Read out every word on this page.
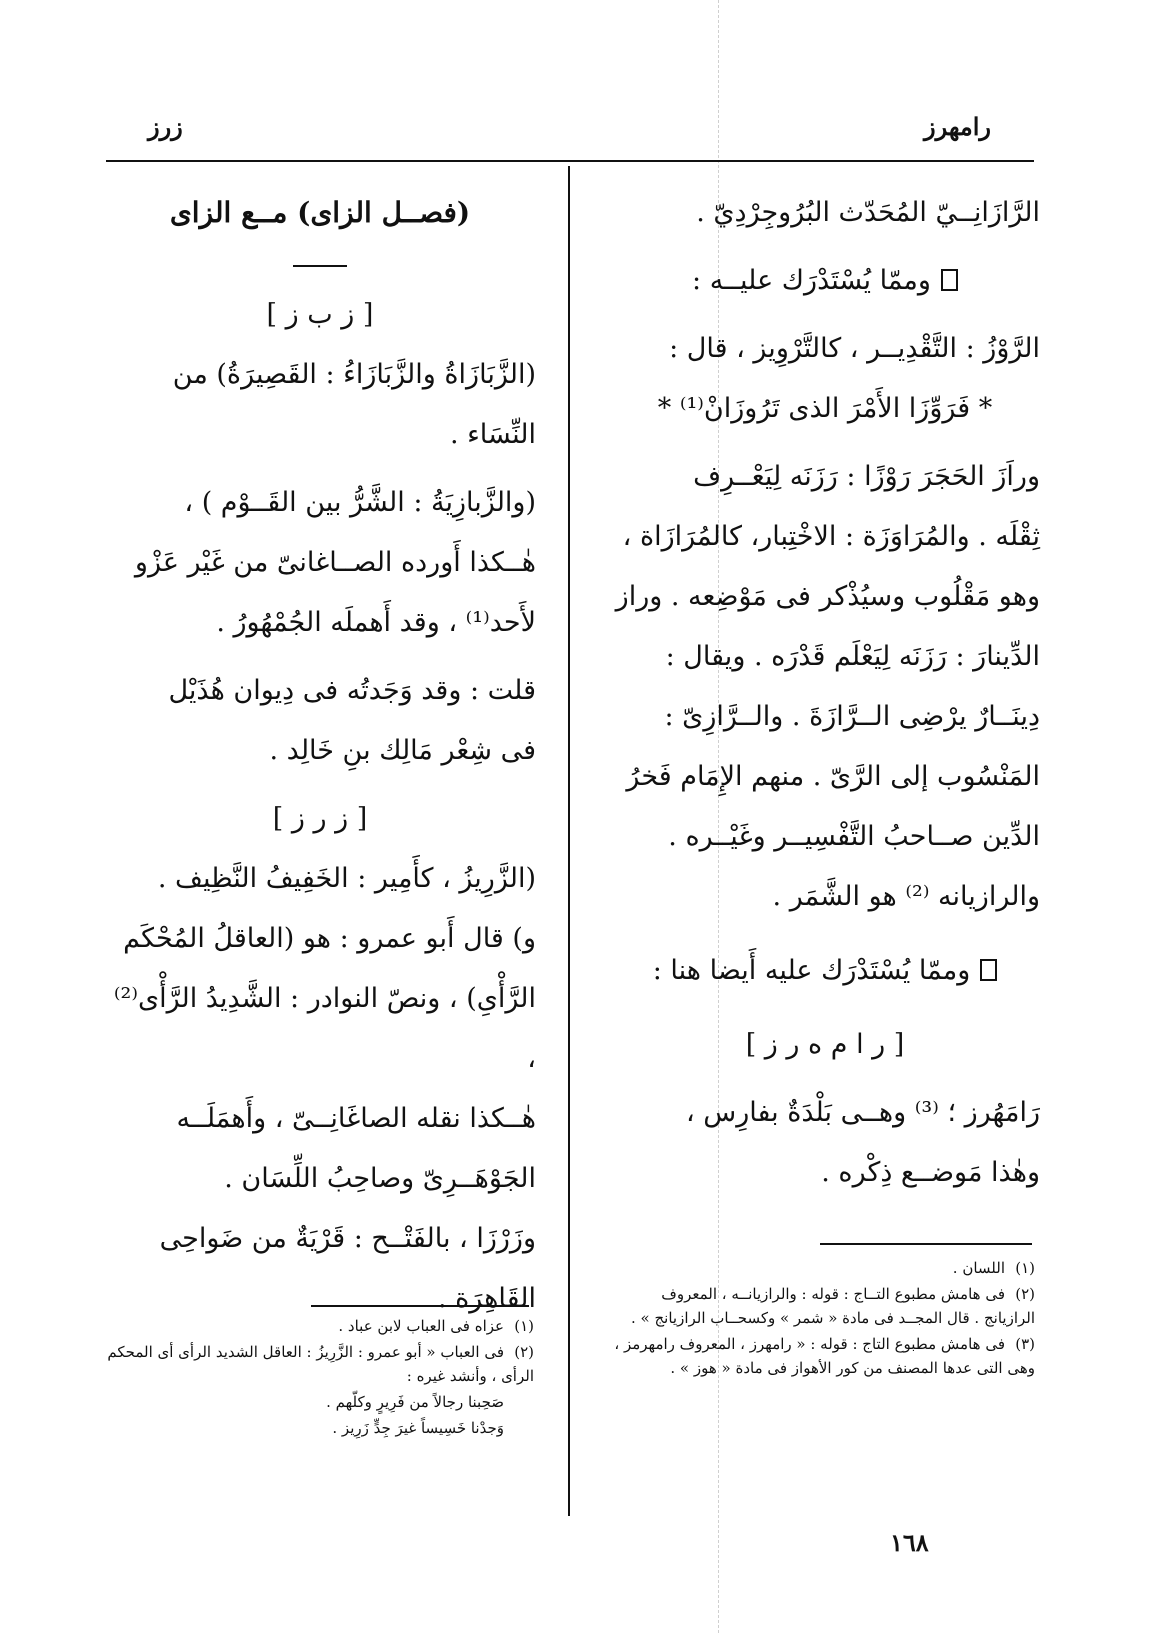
رامهرز
زرز

الرَّازَانِــيّ المُحَدّث البُرُوجِرْدِيّ .

وممّا يُسْتَدْرَك عليــه :

الرَّوْزُ : التَّقْدِيــر ، كالتَّرْوِيز ، قال :

* فَرَوِّزَا الأَمْرَ الذى تَرُوزَانْ⁽¹⁾ *

وراَزَ الحَجَرَ رَوْزًا : رَزَنَه لِيَعْــرِف

ثِقْلَه . والمُرَاوَزَة : الاخْتِبار، كالمُرَازَاة ،

وهو مَقْلُوب وسيُذْكر فى مَوْضِعه . وراز

الدِّينارَ : رَزَنَه لِيَعْلَم قَدْرَه . ويقال :

دِينَــارٌ يرْضِى الــرَّازَةَ . والــرَّازِىّ :

المَنْسُوب إلى الرَّىّ . منهم الإِمَام فَخرُ

الدِّين صــاحبُ التَّفْسِيــر وغَيْــره .

والرازيانه ⁽²⁾ هو الشَّمَر .

وممّا يُسْتَدْرَك عليه أَيضا هنا :

[ ر ا م ه ر ز ]

رَامَهُرز ؛ ⁽³⁾ وهــى بَلْدَةٌ بفارِس ،

وهٰذا مَوضــع ذِكْره .

(فصــل الزاى) مــع الزاى

[ ز ب ز ]

(الزَّبَازَاةُ والزَّبَازَاءُ : القَصِيرَةُ) من

النِّسَاء .

(والزَّبازِيَةُ : الشَّرُّ بين القَــوْم ) ،

هٰــكذا أَورده الصــاغانىّ من غَيْر عَزْو

لأَحد⁽¹⁾ ، وقد أَهملَه الجُمْهُورُ .

قلت : وقد وَجَدتُه فى دِيوان هُذَيْل

فى شِعْر مَالِك بنِ خَالِد .

[ ز ر ز ]

(الزَّرِيزُ ، كأَمِير : الخَفِيفُ النَّظِيف .

و) قال أَبو عمرو : هو (العاقلُ المُحْكَم

الرَّأْىِ) ، ونصّ النوادر : الشَّدِيدُ الرَّأْى⁽²⁾ ،

هٰــكذا نقله الصاغَانِــىّ ، وأَهمَلَــه

الجَوْهَــرِىّ وصاحِبُ اللِّسَان .

وزَرْزَا ، بالفَتْــح : قَرْيَةٌ من ضَواحِى

القَاهِرَة .

(١)اللسان .

(٢)فى هامش مطبوع التــاج : قوله : والرازيانــه ، المعروف الرازيانج . قال المجــد فى مادة « شمر » وكسحــاب الرازيانج » .

(٣)فى هامش مطبوع التاج : قوله : « رامهرز ، المعروف رامهرمز ، وهى التى عدها المصنف من كور الأهواز فى مادة « هوز » .

(١)عزاه فى العباب لابن عباد .

(٢)فى العباب « أبو عمرو : الزَّرِيزُ : العاقل الشديد الرأى أى المحكم الرأى ، وأنشد غيره :

صَحِبنا رجالاً من فَرِيرٍ وكلّهم .

وَجدْنا خَسِيساً غيرَ جِدٍّ زَرِيز .

١٦٨
